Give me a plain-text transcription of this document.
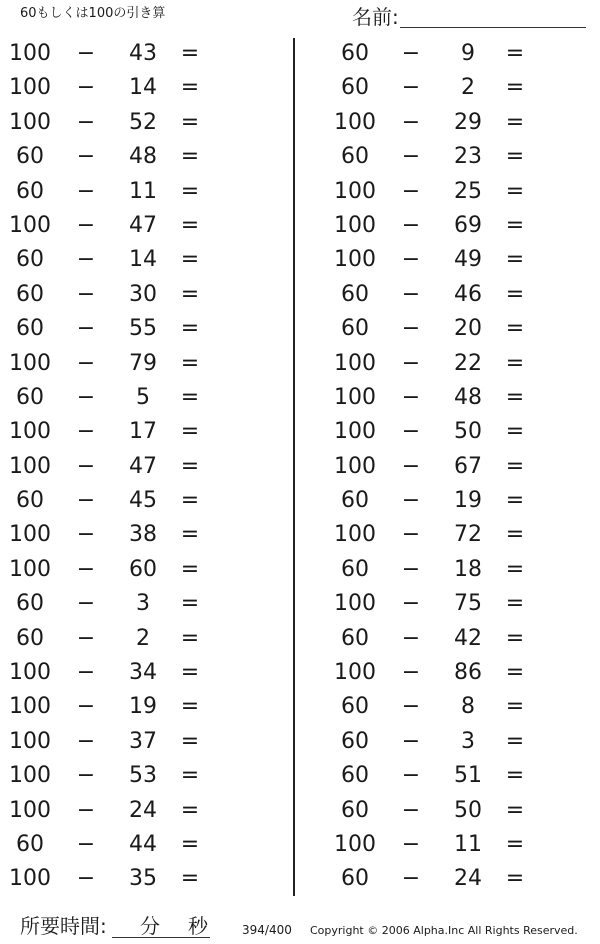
60もしくは100の引き算	名前:
100	−	43	=
100	−	14	=
100	−	52	=
60	−	48	=
60	−	11	=
100	−	47	=
60	−	14	=
60	−	30	=
60	−	55	=
100	−	79	=
60	−	5	=
100	−	17	=
100	−	47	=
60	−	45	=
100	−	38	=
100	−	60	=
60	−	3	=
60	−	2	=
100	−	34	=
100	−	19	=
100	−	37	=
100	−	53	=
100	−	24	=
60	−	44	=
100	−	35	=
60	−	9	=
60	−	2	=
100	−	29	=
60	−	23	=
100	−	25	=
100	−	69	=
100	−	49	=
60	−	46	=
60	−	20	=
100	−	22	=
100	−	48	=
100	−	50	=
100	−	67	=
60	−	19	=
100	−	72	=
60	−	18	=
100	−	75	=
60	−	42	=
100	−	86	=
60	−	8	=
60	−	3	=
60	−	51	=
60	−	50	=
100	−	11	=
60	−	24	=
所要時間: 分 秒	394/400 Copyright © 2006 Alpha.Inc All Rights Reserved.
